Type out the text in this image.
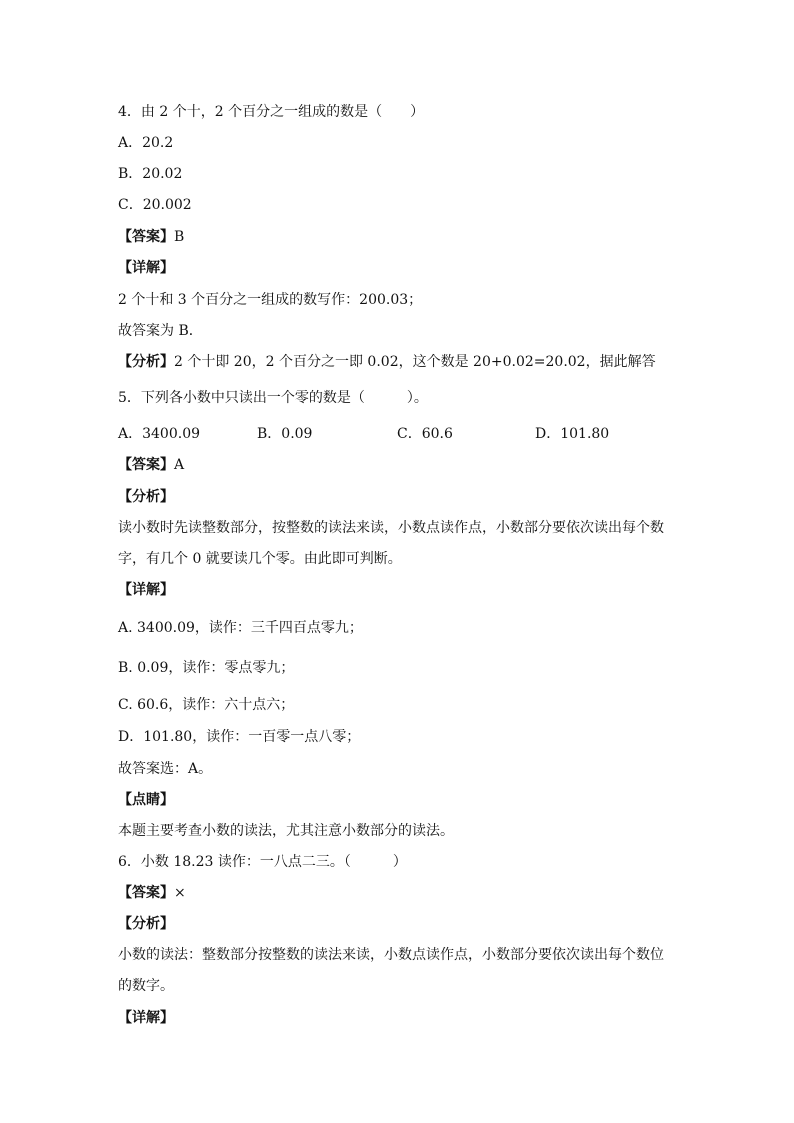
4．由 2 个十，2 个百分之一组成的数是（　　）
A．20.2
B．20.02
C．20.002
【答案】B
【详解】
2 个十和 3 个百分之一组成的数写作：200.03；
故答案为 B．
【分析】2 个十即 20，2 个百分之一即 0.02，这个数是 20+0.02=20.02，据此解答
5．下列各小数中只读出一个零的数是（　　　）。
A．3400.09	B．0.09	C．60.6	D．101.80
【答案】A
【分析】
读小数时先读整数部分，按整数的读法来读，小数点读作点，小数部分要依次读出每个数
字，有几个 0 就要读几个零。由此即可判断。
【详解】
A. 3400.09，读作：三千四百点零九；
B. 0.09，读作：零点零九；
C. 60.6，读作：六十点六；
D．101.80，读作：一百零一点八零；
故答案选：A。
【点睛】
本题主要考查小数的读法，尤其注意小数部分的读法。
6．小数 18.23 读作：一八点二三。（　　　）
【答案】×
【分析】
小数的读法：整数部分按整数的读法来读，小数点读作点，小数部分要依次读出每个数位
的数字。
【详解】
